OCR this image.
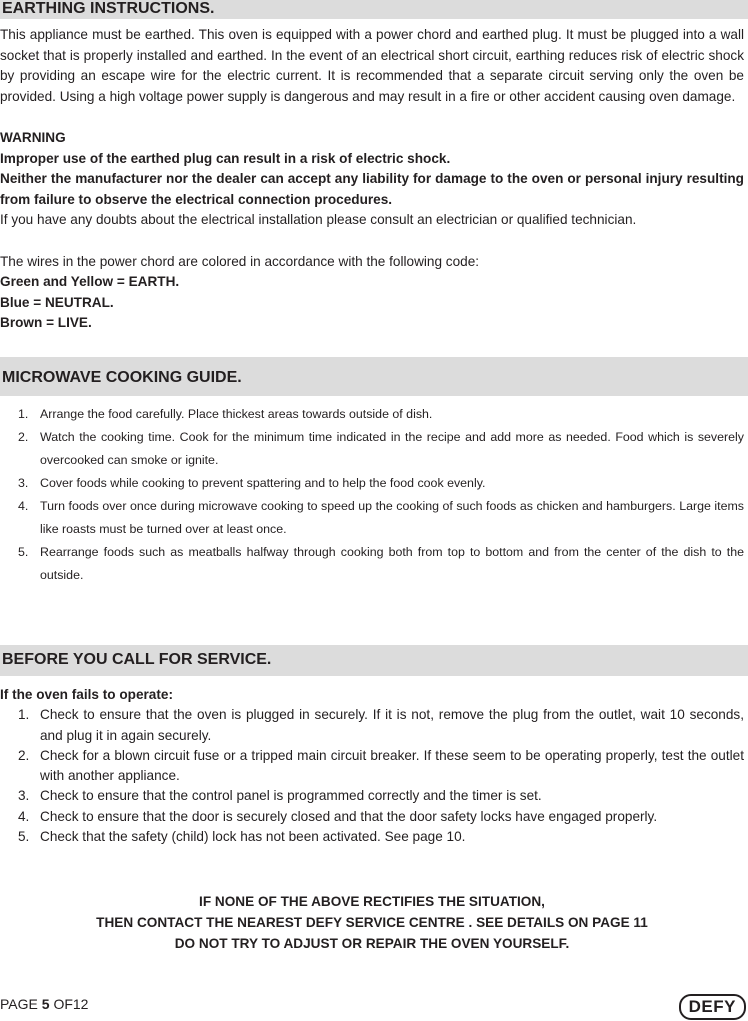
EARTHING INSTRUCTIONS.

This appliance must be earthed. This oven is equipped with a power chord and earthed plug. It must be plugged into a wall socket that is properly installed and earthed. In the event of an electrical short circuit, earthing reduces risk of electric shock by providing an escape wire for the electric current. It is recommended that a separate circuit serving only the oven be provided. Using a high voltage power supply is dangerous and may result in a fire or other accident causing oven damage.

WARNING

Improper use of the earthed plug can result in a risk of electric shock.

Neither the manufacturer nor the dealer can accept any liability for damage to the oven or personal injury resulting from failure to observe the electrical connection procedures.

If you have any doubts about the electrical installation please consult an electrician or qualified technician.

The wires in the power chord are colored in accordance with the following code:

Green and Yellow = EARTH.

Blue = NEUTRAL.

Brown = LIVE.

MICROWAVE COOKING GUIDE.
1. Arrange the food carefully. Place thickest areas towards outside of dish.
2. Watch the cooking time. Cook for the minimum time indicated in the recipe and add more as needed. Food which is severely overcooked can smoke or ignite.
3. Cover foods while cooking to prevent spattering and to help the food cook evenly.
4. Turn foods over once during microwave cooking to speed up the cooking of such foods as chicken and hamburgers. Large items like roasts must be turned over at least once.
5. Rearrange foods such as meatballs halfway through cooking both from top to bottom and from the center of the dish to the outside.
BEFORE YOU CALL FOR SERVICE.

If the oven fails to operate:

1. Check to ensure that the oven is plugged in securely. If it is not, remove the plug from the outlet, wait 10 seconds, and plug it in again securely.
2. Check for a blown circuit fuse or a tripped main circuit breaker. If these seem to be operating properly, test the outlet with another appliance.
3. Check to ensure that the control panel is programmed correctly and the timer is set.
4. Check to ensure that the door is securely closed and that the door safety locks have engaged properly.
5. Check that the safety (child) lock has not been activated. See page 10.
IF NONE OF THE ABOVE RECTIFIES THE SITUATION,
THEN CONTACT THE NEAREST DEFY SERVICE CENTRE . SEE DETAILS ON PAGE 11
DO NOT TRY TO ADJUST OR REPAIR THE OVEN YOURSELF.
PAGE 5 OF12	DEFY
